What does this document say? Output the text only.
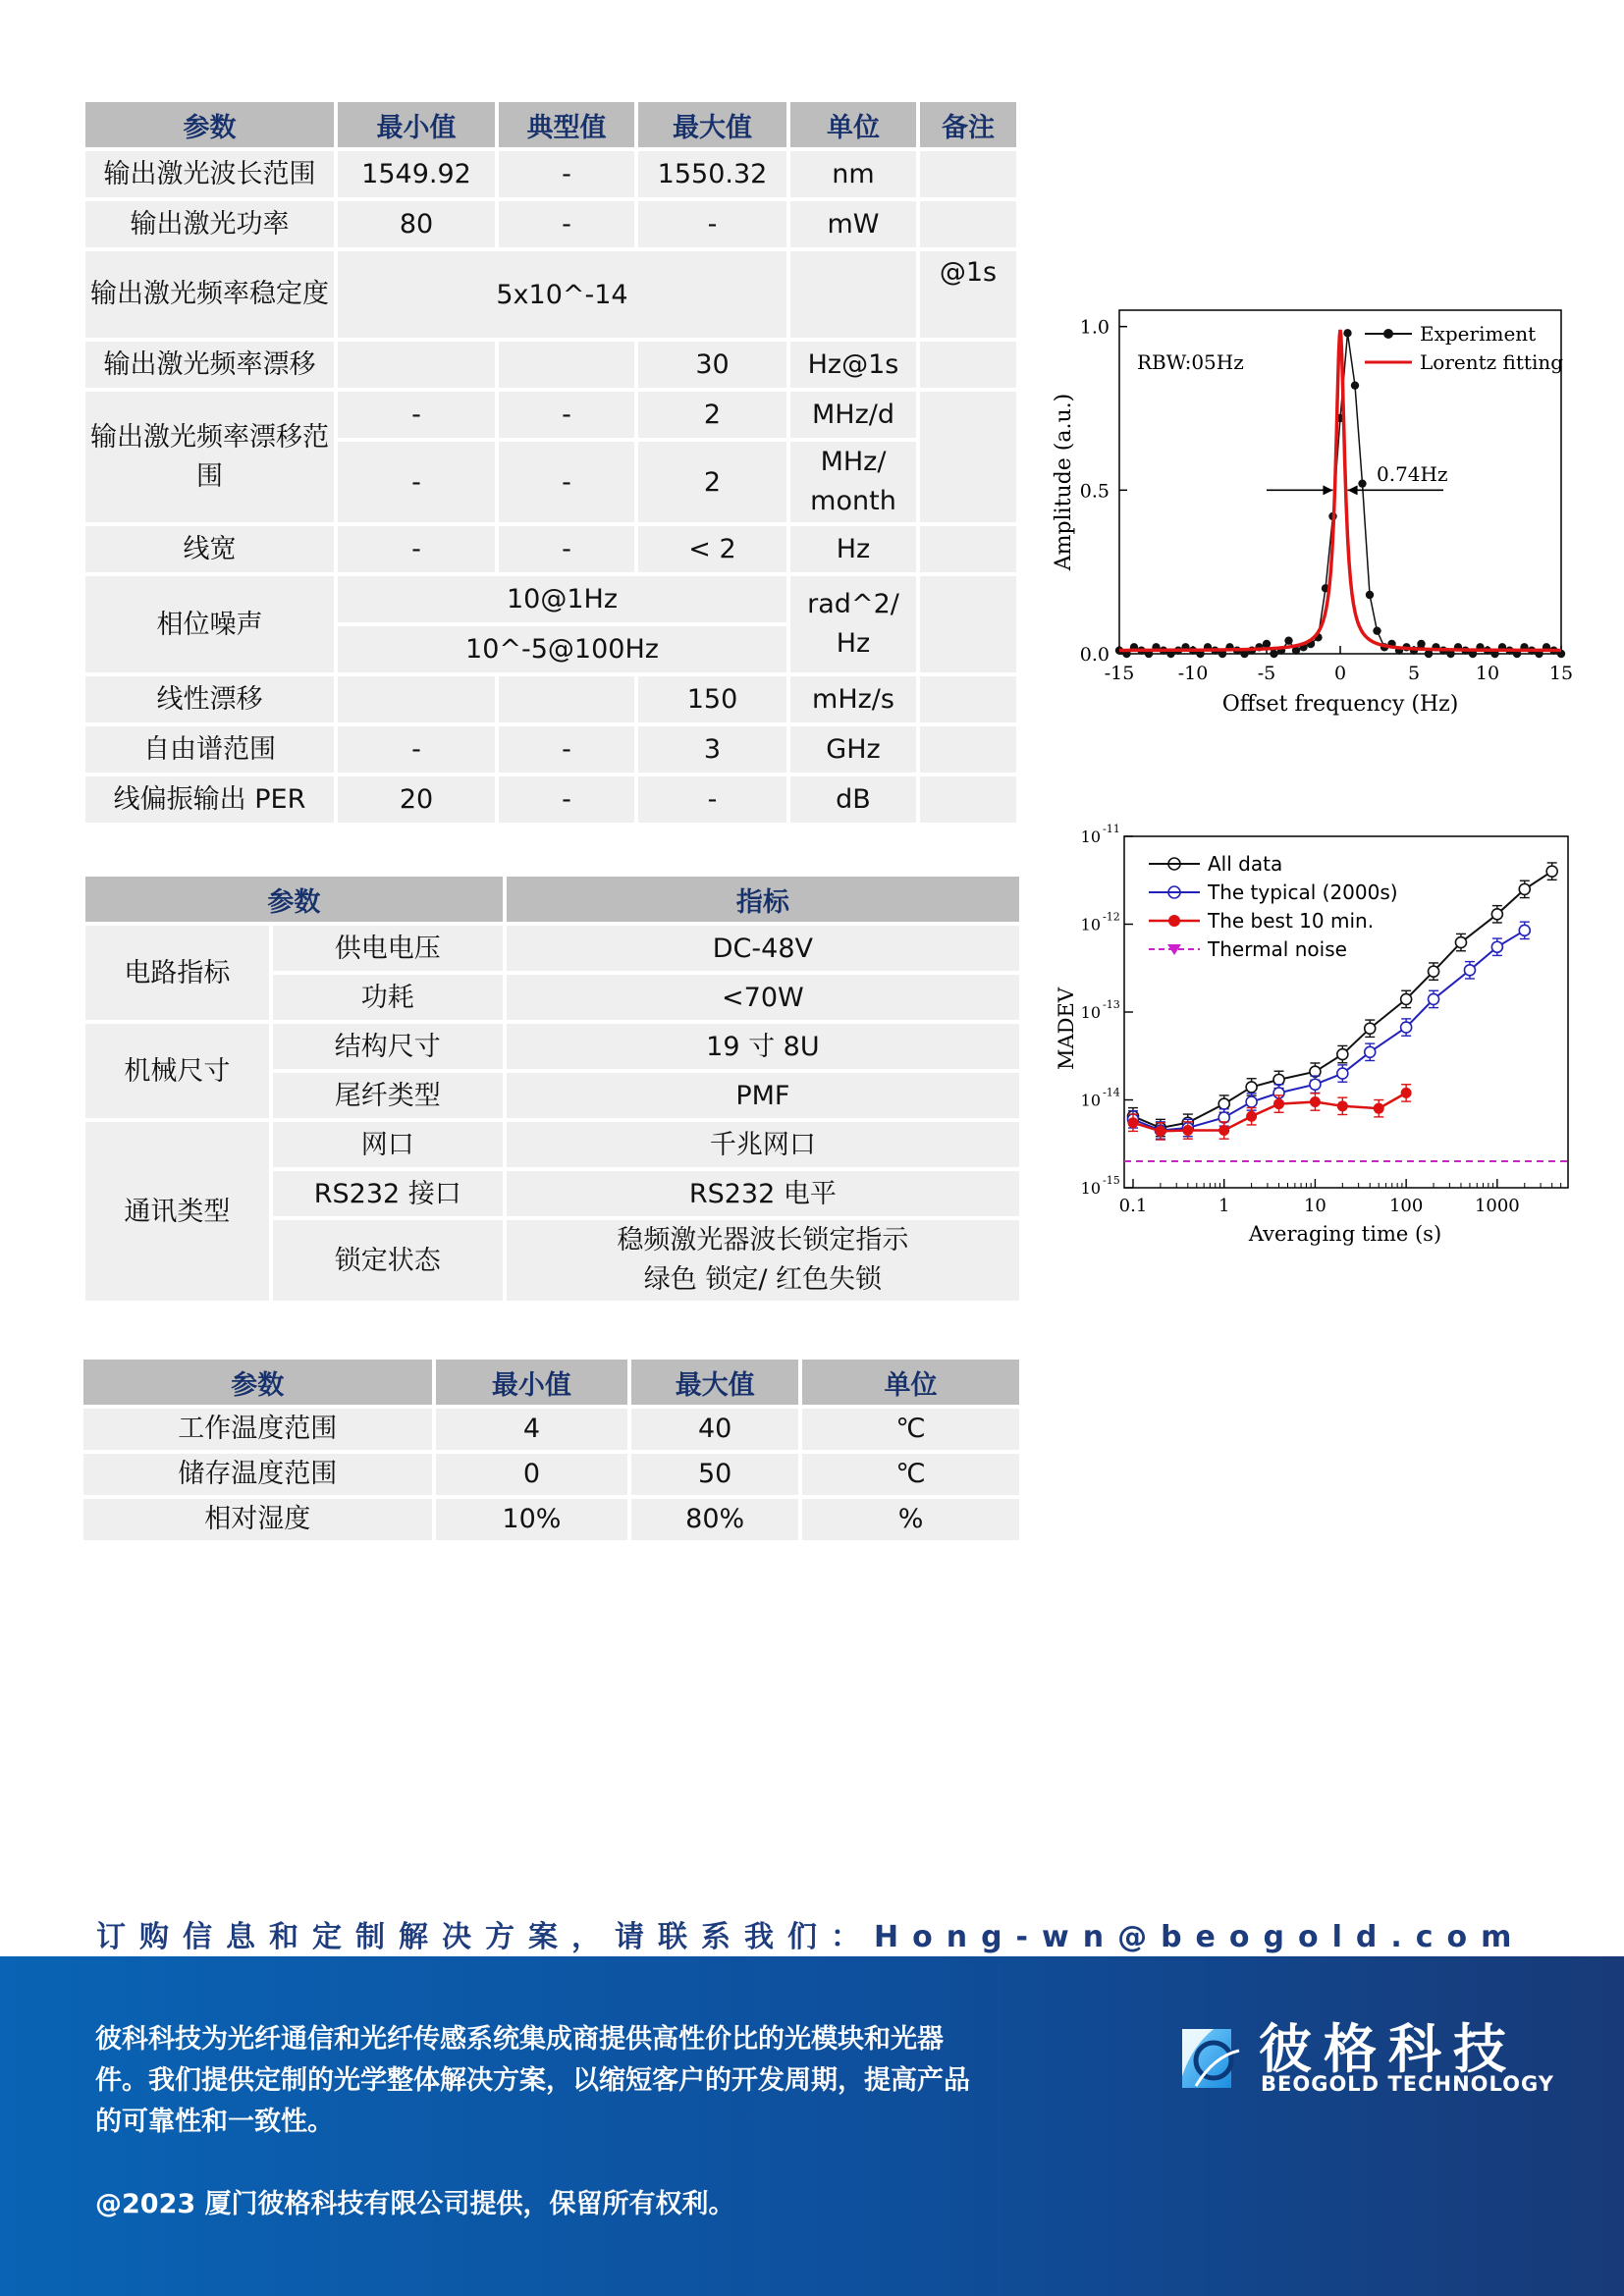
参数	最小值	典型值	最大值	单位	备注
输出激光波长范围	1549.92	-	1550.32	nm	
输出激光功率	80	-	-	mW	
输出激光频率稳定度	5x10^-14				@1s
输出激光频率漂移			30	Hz@1s	
输出激光频率漂移范围	-	-	2	MHz/d	
	-	-	2	MHz/ month	
线宽	-	-	< 2	Hz	
相位噪声	10@1Hz			rad^2/ Hz	
	10^-5@100Hz				
线性漂移			150	mHz/s	
自由谱范围	-	-	3	GHz	
线偏振输出 PER	20	-	-	dB	
参数		指标
电路指标	供电电压	DC-48V
	功耗	<70W
机械尺寸	结构尺寸	19 寸 8U
	尾纤类型	PMF
通讯类型	网口	千兆网口
	RS232 接口	RS232 电平
	锁定状态	稳频激光器波长锁定指示
绿色 锁定/ 红色失锁
参数	最小值	最大值	单位
工作温度范围	4	40	℃
储存温度范围	0	50	℃
相对湿度	10%	80%	%
-15 -10	-5	0	5	10	15
0.0
0.5
1.0
RBW:05Hz
0.74Hz
Offset frequency (Hz)
Amplitude (a.u.)
Experiment
Lorentz fitting
0.1	1	10	100	1000
10 -15
10 -14
10 -13
10 -12
10 -11
Averaging time (s)
MADEV
All data
The typical (2000s)
The best 10 min.
Thermal noise
订购信息和定制解决方案，请联系我们：Hong-wn@beogold.com
彼科科技为光纤通信和光纤传感系统集成商提供高性价比的光模块和光器件。我们提供定制的光学整体解决方案，以缩短客户的开发周期，提高产品的可靠性和一致性。
@2023 厦门彼格科技有限公司提供，保留所有权利。
彼格科技
BEOGOLD TECHNOLOGY
